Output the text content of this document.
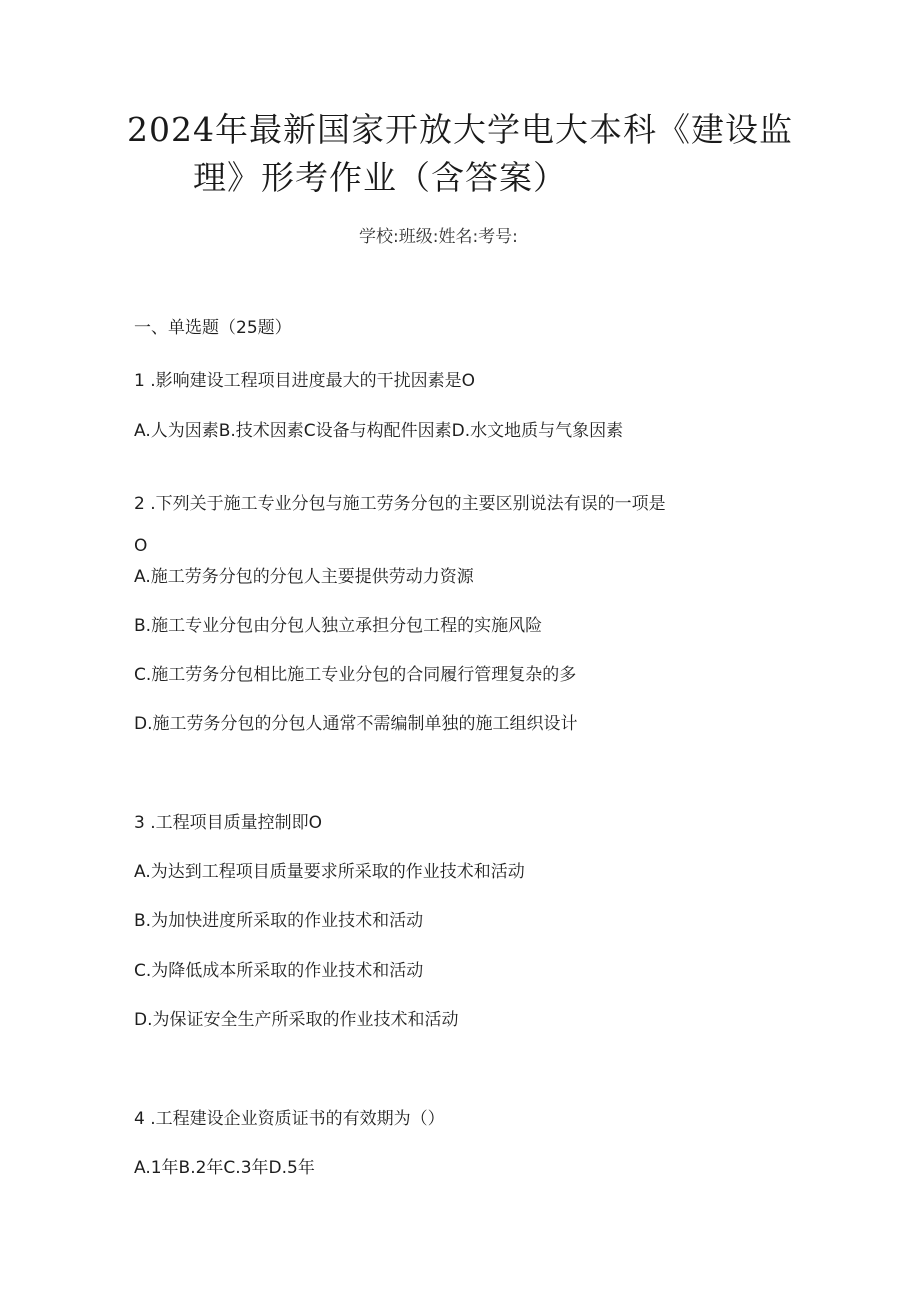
2024年最新国家开放大学电大本科《建设监
理》形考作业（含答案）
学校:班级:姓名:考号:
一、单选题（25题）
1 .影响建设工程项目进度最大的干扰因素是O
A.人为因素B.技术因素C设备与构配件因素D.水文地质与气象因素
2 .下列关于施工专业分包与施工劳务分包的主要区别说法有误的一项是
O
A.施工劳务分包的分包人主要提供劳动力资源
B.施工专业分包由分包人独立承担分包工程的实施风险
C.施工劳务分包相比施工专业分包的合同履行管理复杂的多
D.施工劳务分包的分包人通常不需编制单独的施工组织设计
3 .工程项目质量控制即O
A.为达到工程项目质量要求所采取的作业技术和活动
B.为加快进度所采取的作业技术和活动
C.为降低成本所采取的作业技术和活动
D.为保证安全生产所采取的作业技术和活动
4 .工程建设企业资质证书的有效期为（）
A.1年B.2年C.3年D.5年
